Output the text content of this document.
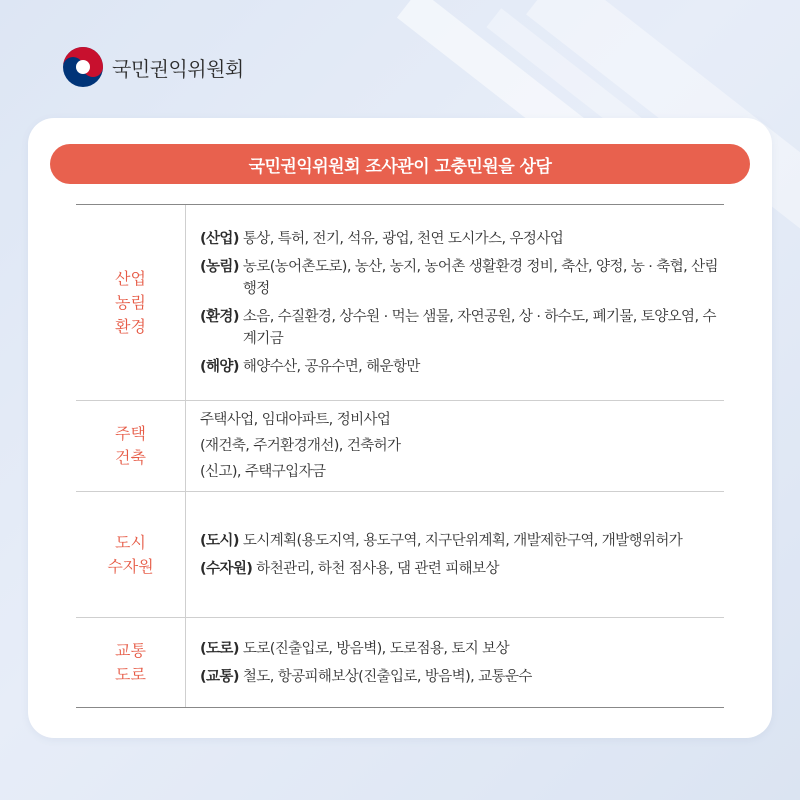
국민권익위원회
국민권익위원회 조사관이 고충민원을 상담
산업
농림
환경
(산업) 통상, 특허, 전기, 석유, 광업, 천연 도시가스, 우정사업
(농림) 농로(농어촌도로), 농산, 농지, 농어촌 생활환경 정비, 축산, 양정, 농 · 축협, 산림행정
(환경) 소음, 수질환경, 상수원 · 먹는 샘물, 자연공원, 상 · 하수도, 폐기물, 토양오염, 수계기금
(해양) 해양수산, 공유수면, 해운항만
주택
건축
주택사업, 임대아파트, 정비사업
(재건축, 주거환경개선), 건축허가
(신고), 주택구입자금
도시
수자원
(도시) 도시계획(용도지역, 용도구역, 지구단위계획, 개발제한구역, 개발행위허가
(수자원) 하천관리, 하천 점사용, 댐 관련 피해보상
교통
도로
(도로) 도로(진출입로, 방음벽), 도로점용, 토지 보상
(교통) 철도, 항공피해보상(진출입로, 방음벽), 교통운수
